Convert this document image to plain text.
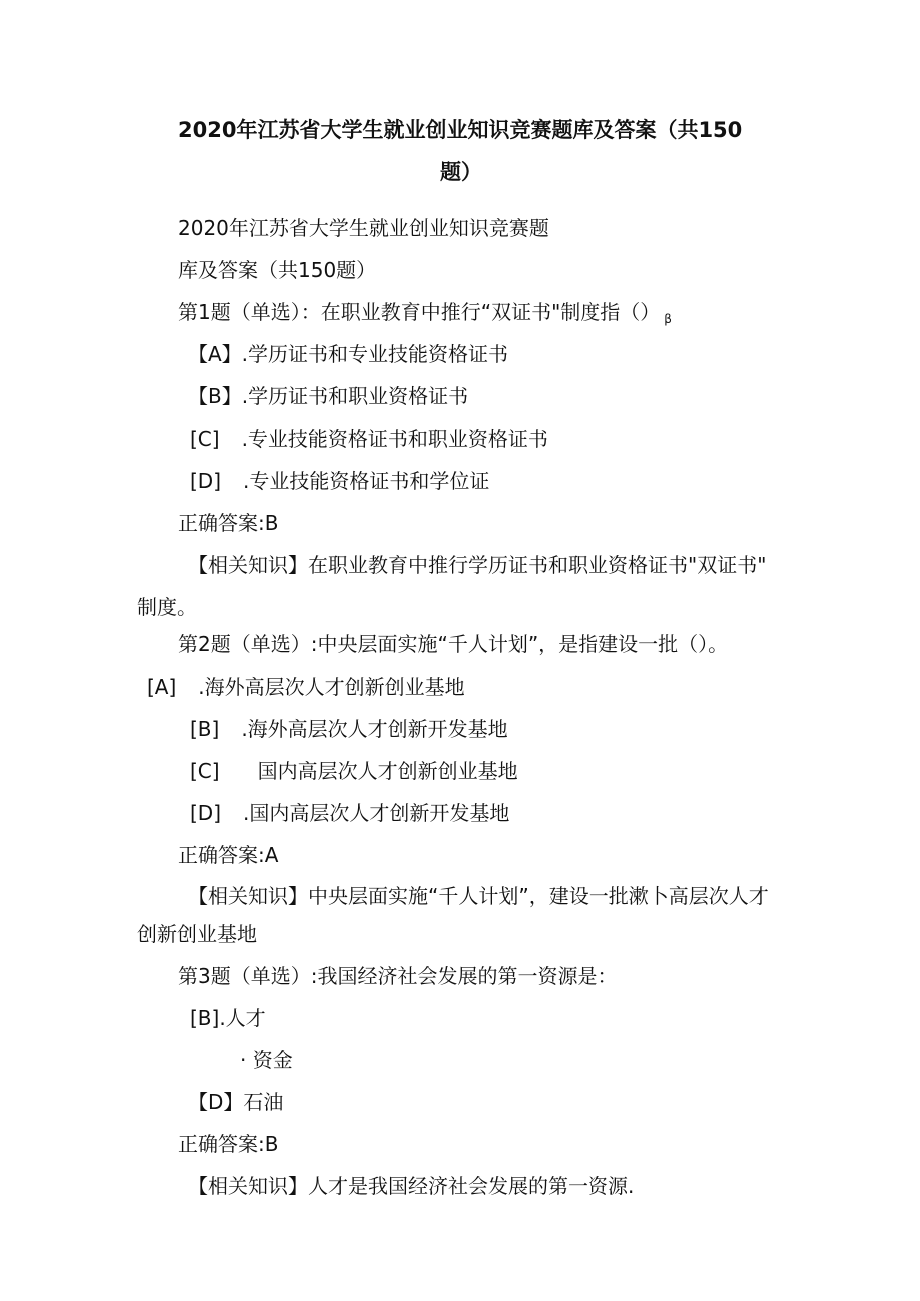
2020年江苏省大学生就业创业知识竞赛题库及答案（共150
题）
2020年江苏省大学生就业创业知识竞赛题
库及答案（共150题）
第1题（单选）：在职业教育中推行“双证书"制度指（） $_\beta$
【A】.学历证书和专业技能资格证书
【B】.学历证书和职业资格证书
[C] .专业技能资格证书和职业资格证书
[D] .专业技能资格证书和学位证
正确答案:B
【相关知识】在职业教育中推行学历证书和职业资格证书"双证书"
制度。
第2题（单选）:中央层面实施“千人计划”，是指建设一批（）。
[A] .海外高层次人才创新创业基地
[B] .海外高层次人才创新开发基地
[C] 国内高层次人才创新创业基地
[D] .国内高层次人才创新开发基地
正确答案:A
【相关知识】中央层面实施“千人计划”，建设一批漱卜高层次人才
创新创业基地
第3题（单选）:我国经济社会发展的第一资源是：
[B].人才
· 资金
【D】石油
正确答案:B
【相关知识】人才是我国经济社会发展的第一资源.
